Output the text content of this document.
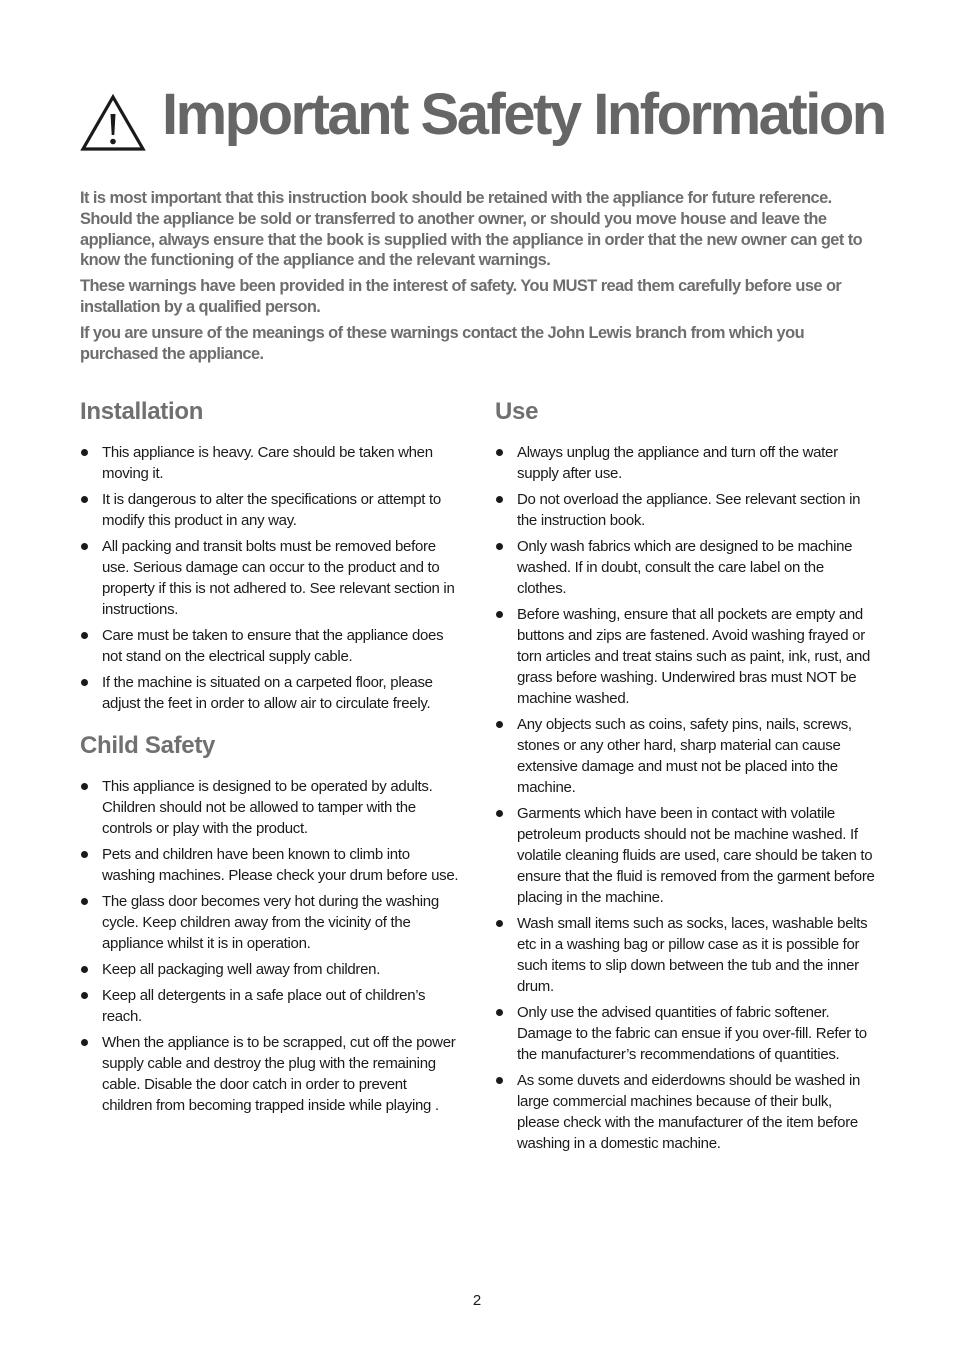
Important Safety Information

It is most important that this instruction book should be retained with the appliance for future reference. Should the appliance be sold or transferred to another owner, or should you move house and leave the appliance, always ensure that the book is supplied with the appliance in order that the new owner can get to know the functioning of the appliance and the relevant warnings.

These warnings have been provided in the interest of safety. You MUST read them carefully before use or installation by a qualified person.

If you are unsure of the meanings of these warnings contact the John Lewis branch from which you purchased the appliance.

Installation
This appliance is heavy. Care should be taken when moving it.
It is dangerous to alter the specifications or attempt to modify this product in any way.
All packing and transit bolts must be removed before use. Serious damage can occur to the product and to property if this is not adhered to. See relevant section in instructions.
Care must be taken to ensure that the appliance does not stand on the electrical supply cable.
If the machine is situated on a carpeted floor, please adjust the feet in order to allow air to circulate freely.
Child Safety
This appliance is designed to be operated by adults. Children should not be allowed to tamper with the controls or play with the product.
Pets and children have been known to climb into washing machines. Please check your drum before use.
The glass door becomes very hot during the washing cycle. Keep children away from the vicinity of the appliance whilst it is in operation.
Keep all packaging well away from children.
Keep all detergents in a safe place out of children’s reach.
When the appliance is to be scrapped, cut off the power supply cable and destroy the plug with the remaining cable. Disable the door catch in order to prevent children from becoming trapped inside while playing .
Use
Always unplug the appliance and turn off the water supply after use.
Do not overload the appliance. See relevant section in the instruction book.
Only wash fabrics which are designed to be machine washed. If in doubt, consult the care label on the clothes.
Before washing, ensure that all pockets are empty and buttons and zips are fastened. Avoid washing frayed or torn articles and treat stains such as paint, ink, rust, and grass before washing. Underwired bras must NOT be machine washed.
Any objects such as coins, safety pins, nails, screws, stones or any other hard, sharp material can cause extensive damage and must not be placed into the machine.
Garments which have been in contact with volatile petroleum products should not be machine washed. If volatile cleaning fluids are used, care should be taken to ensure that the fluid is removed from the garment before placing in the machine.
Wash small items such as socks, laces, washable belts etc in a washing bag or pillow case as it is possible for such items to slip down between the tub and the inner drum.
Only use the advised quantities of fabric softener. Damage to the fabric can ensue if you over-fill. Refer to the manufacturer’s recommendations of quantities.
As some duvets and eiderdowns should be washed in large commercial machines because of their bulk, please check with the manufacturer of the item before washing in a domestic machine.
2
